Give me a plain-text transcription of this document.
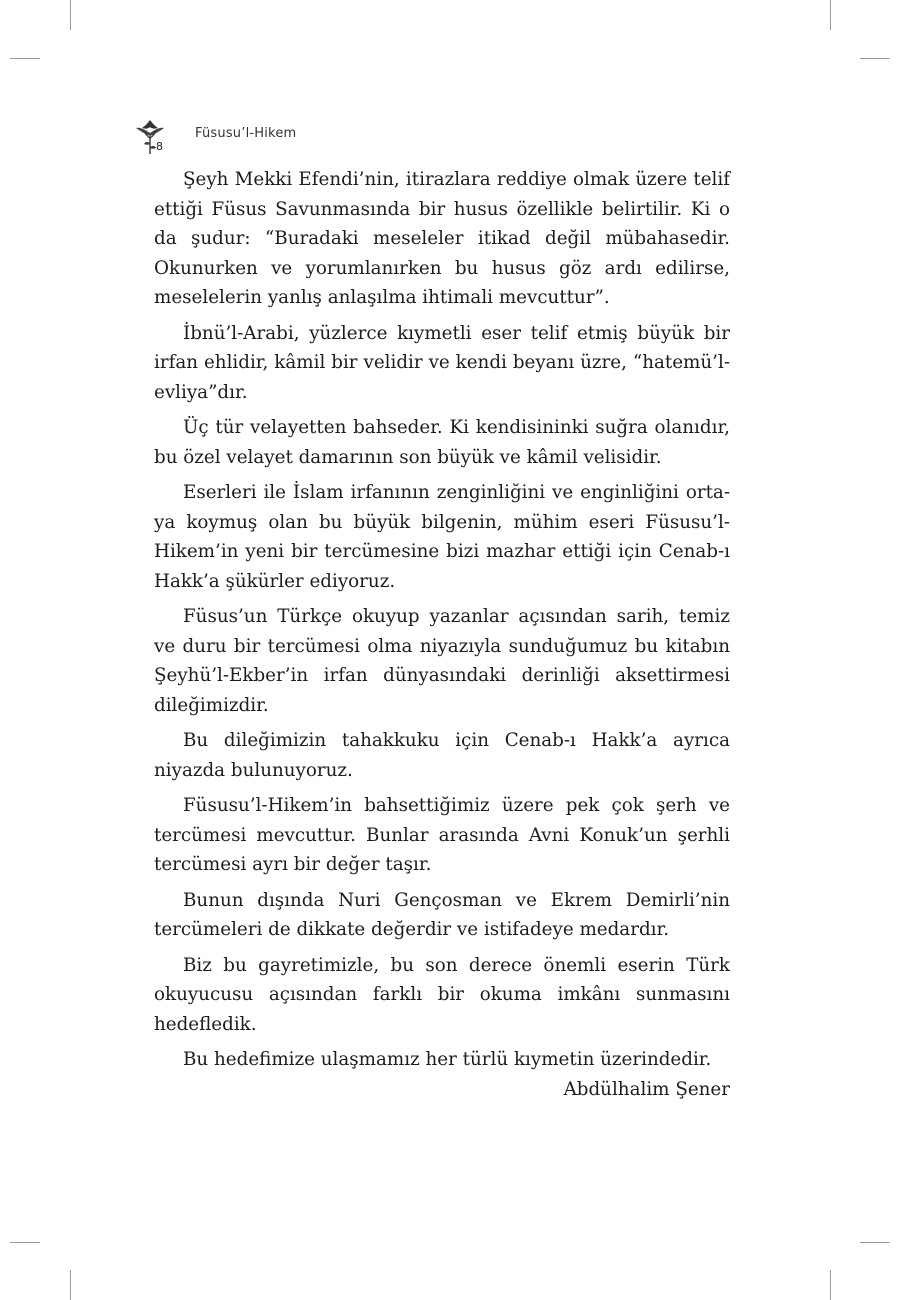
8
Füsusu’l-Hikem

Şeyh Mekki Efendi’nin, itirazlara reddiye olmak üzere telif ettiği Füsus Savunmasında bir husus özellikle belirtilir. Ki o da şudur: “Buradaki meseleler itikad değil mübahasedir. Okunurken ve yorumlanırken bu husus göz ardı edilirse, meselelerin yanlış anlaşılma ihtimali mevcuttur”.

İbnü’l-Arabi, yüzlerce kıymetli eser telif etmiş büyük bir irfan ehlidir, kâmil bir velidir ve kendi beyanı üzre, “hatemü’l-evliya”dır.

Üç tür velayetten bahseder. Ki kendisininki suğra olanıdır, bu özel velayet damarının son büyük ve kâmil velisidir.

Eserleri ile İslam irfanının zenginliğini ve enginliğini orta-ya koymuş olan bu büyük bilgenin, mühim eseri Füsusu’l-Hikem’in yeni bir tercümesine bizi mazhar ettiği için Cenab-ı Hakk’a şükürler ediyoruz.

Füsus’un Türkçe okuyup yazanlar açısından sarih, temiz ve duru bir tercümesi olma niyazıyla sunduğumuz bu kitabın Şeyhü’l-Ekber’in irfan dünyasındaki derinliği aksettirmesi dileğimizdir.

Bu dileğimizin tahakkuku için Cenab-ı Hakk’a ayrıca niyazda bulunuyoruz.

Füsusu’l-Hikem’in bahsettiğimiz üzere pek çok şerh ve tercümesi mevcuttur. Bunlar arasında Avni Konuk’un şerhli tercümesi ayrı bir değer taşır.

Bunun dışında Nuri Gençosman ve Ekrem Demirli’nin tercümeleri de dikkate değerdir ve istifadeye medardır.

Biz bu gayretimizle, bu son derece önemli eserin Türk okuyucusu açısından farklı bir okuma imkânı sunmasını hedefledik.

Bu hedefimize ulaşmamız her türlü kıymetin üzerindedir.

Abdülhalim Şener
